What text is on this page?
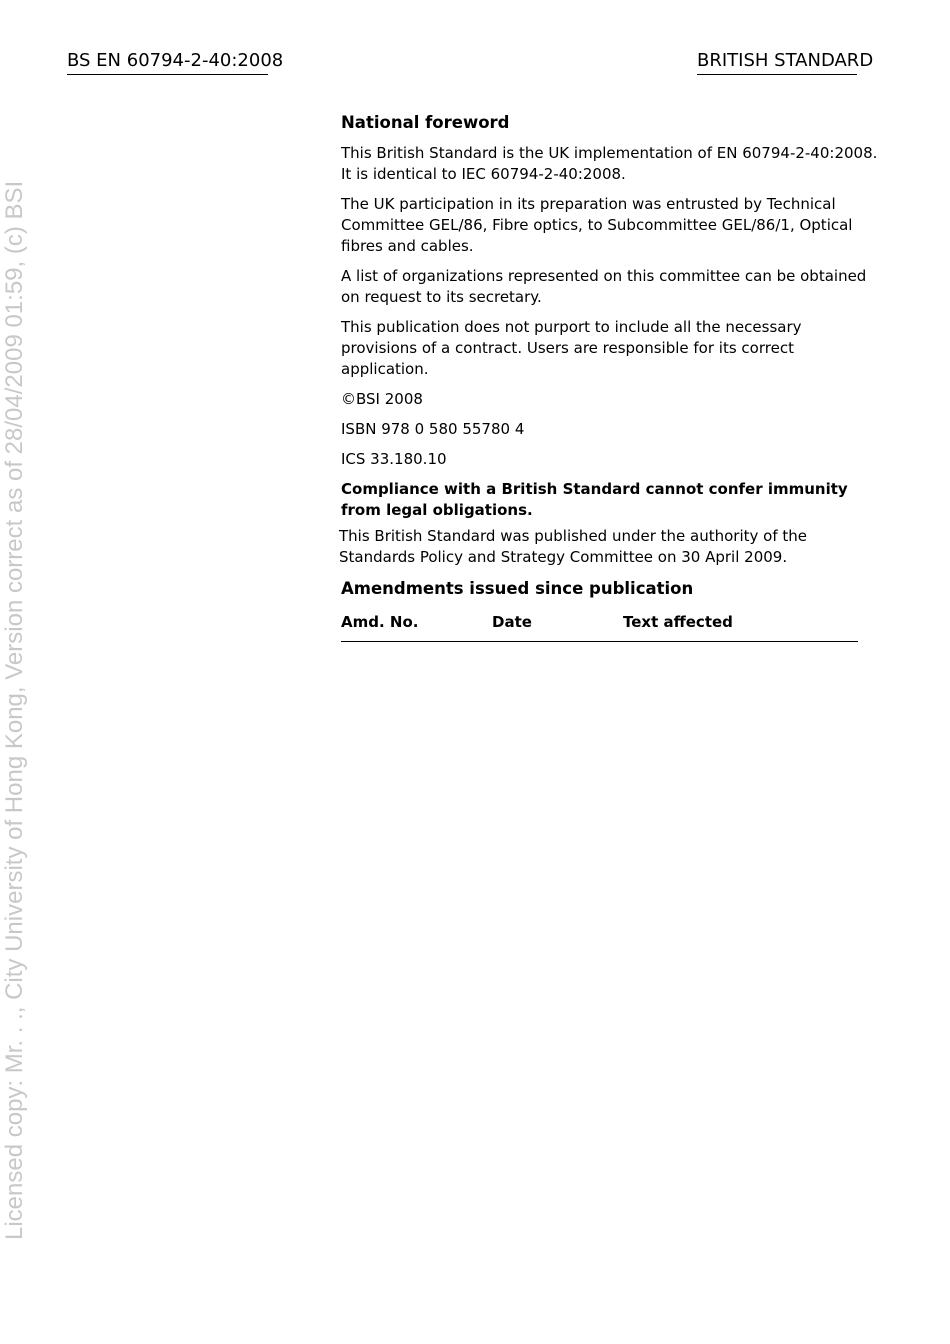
BS EN 60794-2-40:2008	BRITISH STANDARD
Licensed copy: Mr. . ., City University of Hong Kong, Version correct as of 28/04/2009 01:59, (c) BSI
National foreword

This British Standard is the UK implementation of EN 60794-2-40:2008. It is identical to IEC 60794-2-40:2008.

The UK participation in its preparation was entrusted by Technical Committee GEL/86, Fibre optics, to Subcommittee GEL/86/1, Optical fibres and cables.

A list of organizations represented on this committee can be obtained on request to its secretary.

This publication does not purport to include all the necessary provisions of a contract. Users are responsible for its correct application.

©BSI 2008

ISBN 978 0 580 55780 4

ICS 33.180.10

Compliance with a British Standard cannot confer immunity from legal obligations.

This British Standard was published under the authority of the Standards Policy and Strategy Committee on 30 April 2009.

Amendments issued since publication
Amd. No.	Date	Text affected
